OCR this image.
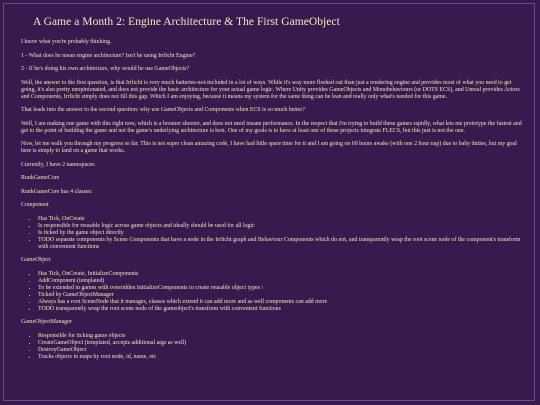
A Game a Month 2: Engine Architecture & The First GameObject

I know what you're probably thinking.

1 - What does he mean engine architecture? Isn't he using Irrlicht Engine?

2 - If he's doing his own architecture, why would he use GameObjects?

Well, the answer to the first question, is that Irrlicht is very much batteries-not-included in a lot of ways. While it's way more fleshed out than just a rendering engine and provides most of what you need to get going, it's also pretty unopinionated, and does not provide the basic architecture for your actual game logic. Where Unity provides GameObjects and Monobehaviours (or DOTS ECS), and Unreal provides Actors and Components, Irrlicht simply does not fill this gap. Which I am enjoying, because it means my system for the same thing can be lean and really only what's needed for this game.

That leads into the answer to the second question: why use GameObjects and Components when ECS is so much better?

Well, I am making one game with this right now, which is a boomer shooter, and does not need insane performance. In the respect that I'm trying to build these games rapidly, what lets me prototype the fastest and get to the point of building the game and not the game's underlying architecture is best. One of my goals is to have at least one of these projects integrate FLECS, but this just is not the one.

Now, let me walk you through my progress so far. This is not super clean amazing code, I have had little spare time for it and I am going on 60 hours awake (with one 2 hour nap) due to baby duties, but my goal here is simply to land on a game that works.

Currently, I have 2 namespaces

RunkGameCore

RunkGameCore has 4 classes:

Component

• Has Tick, OnCreate
• Is responsible for reusable logic across game objects and ideally should be used for all logic
• Is ticked by the game object directly
• TODO separate components by Scene Components that have a node in the Irrlicht graph and Behaviour Components which do not, and transparently wrap the root scene node of the component's transform with convenient functions

GameObject

• Has Tick, OnCreate, InitializeComponents
• AddComponent (templated)
• To be extended in games with overridden InitializeComponents to create reusable object types \
• Ticked by GameObjectManager
• Always has a root SceneNode that it manages, classes which extend it can add more and as well components can add more
• TODO transparently wrap the root scene node of the gameobject's transform with convenient functions

GameObjectManager

• Responsible for ticking game objects
• CreateGameObject (templated, accepts additional args as well)
• DestroyGameObject
• Tracks objects in maps by root node, id, name, etc
